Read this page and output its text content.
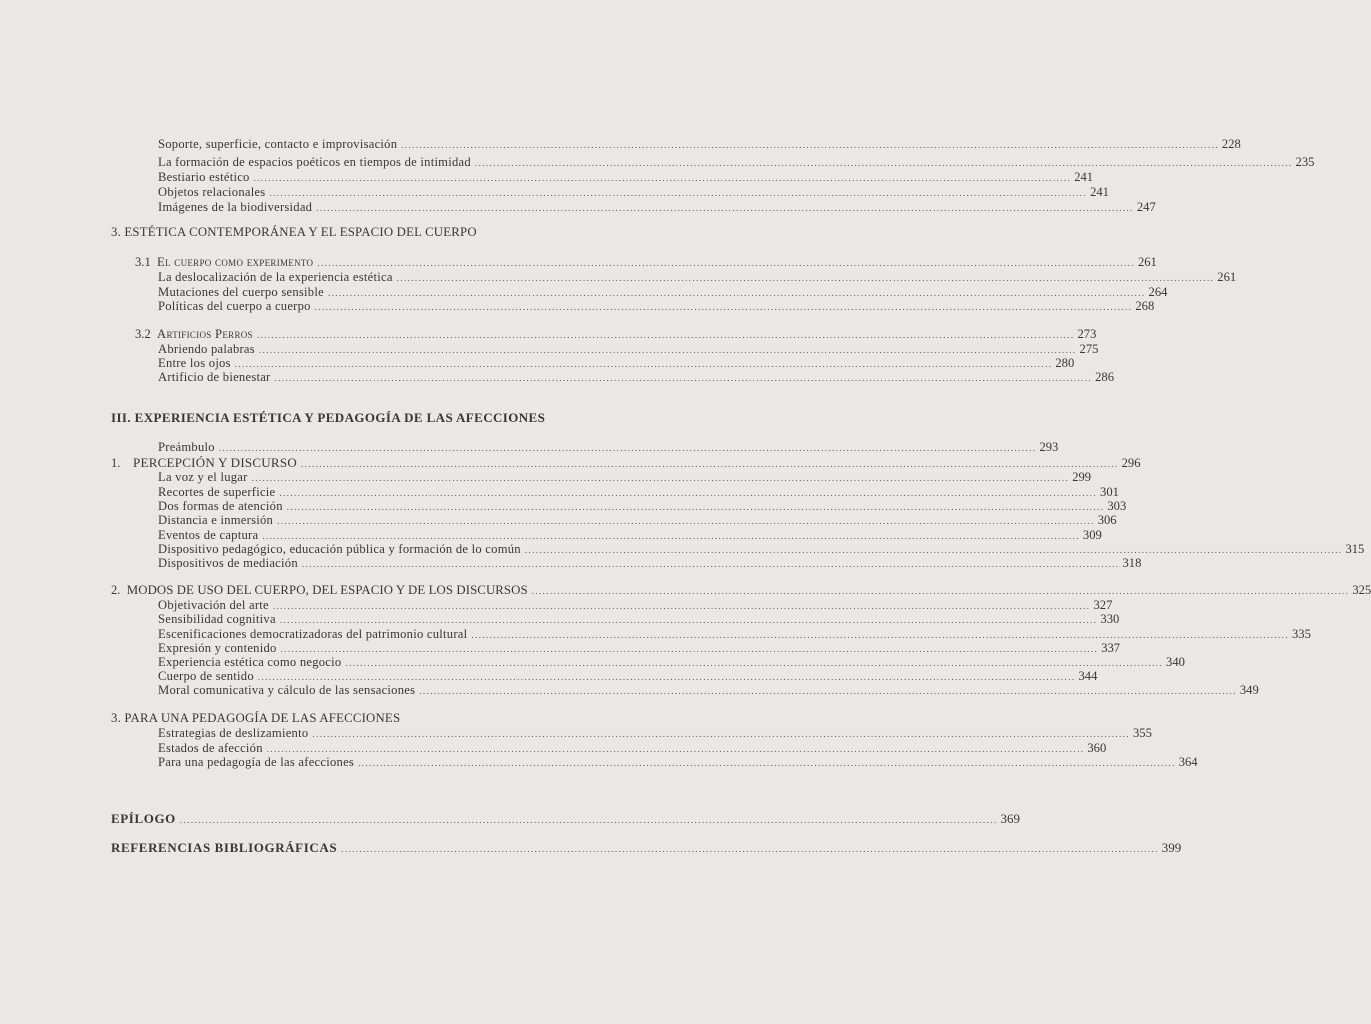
Soporte, superficie, contacto e improvisación ................................................................................................................................................................................................................................ 228
La formación de espacios poéticos en tiempos de intimidad ................................................................................................................................................................................................................................ 235
Bestiario estético ................................................................................................................................................................................................................................ 241
Objetos relacionales ................................................................................................................................................................................................................................ 241
Imágenes de la biodiversidad ................................................................................................................................................................................................................................ 247
3. ESTÉTICA CONTEMPORÁNEA Y EL ESPACIO DEL CUERPO
3.1
El cuerpo como experimento ................................................................................................................................................................................................................................ 261
La deslocalización de la experiencia estética ................................................................................................................................................................................................................................ 261
Mutaciones del cuerpo sensible ................................................................................................................................................................................................................................ 264
Políticas del cuerpo a cuerpo ................................................................................................................................................................................................................................ 268
3.2
Artificios Perros ................................................................................................................................................................................................................................ 273
Abriendo palabras ................................................................................................................................................................................................................................ 275
Entre los ojos ................................................................................................................................................................................................................................ 280
Artificio de bienestar ................................................................................................................................................................................................................................ 286
III. EXPERIENCIA ESTÉTICA Y PEDAGOGÍA DE LAS AFECCIONES
Preámbulo ................................................................................................................................................................................................................................ 293
1.
PERCEPCIÓN Y DISCURSO ................................................................................................................................................................................................................................ 296
La voz y el lugar ................................................................................................................................................................................................................................ 299
Recortes de superficie ................................................................................................................................................................................................................................ 301
Dos formas de atención ................................................................................................................................................................................................................................ 303
Distancia e inmersión ................................................................................................................................................................................................................................ 306
Eventos de captura ................................................................................................................................................................................................................................ 309
Dispositivo pedagógico, educación pública y formación de lo común ................................................................................................................................................................................................................................ 315
Dispositivos de mediación ................................................................................................................................................................................................................................ 318
2.
MODOS DE USO DEL CUERPO, DEL ESPACIO Y DE LOS DISCURSOS ................................................................................................................................................................................................................................ 325
Objetivación del arte ................................................................................................................................................................................................................................ 327
Sensibilidad cognitiva ................................................................................................................................................................................................................................ 330
Escenificaciones democratizadoras del patrimonio cultural ................................................................................................................................................................................................................................ 335
Expresión y contenido ................................................................................................................................................................................................................................ 337
Experiencia estética como negocio ................................................................................................................................................................................................................................ 340
Cuerpo de sentido ................................................................................................................................................................................................................................ 344
Moral comunicativa y cálculo de las sensaciones ................................................................................................................................................................................................................................ 349
3. PARA UNA PEDAGOGÍA DE LAS AFECCIONES
Estrategias de deslizamiento ................................................................................................................................................................................................................................ 355
Estados de afección ................................................................................................................................................................................................................................ 360
Para una pedagogía de las afecciones ................................................................................................................................................................................................................................ 364
EPÍLOGO ................................................................................................................................................................................................................................ 369
REFERENCIAS BIBLIOGRÁFICAS ................................................................................................................................................................................................................................ 399
